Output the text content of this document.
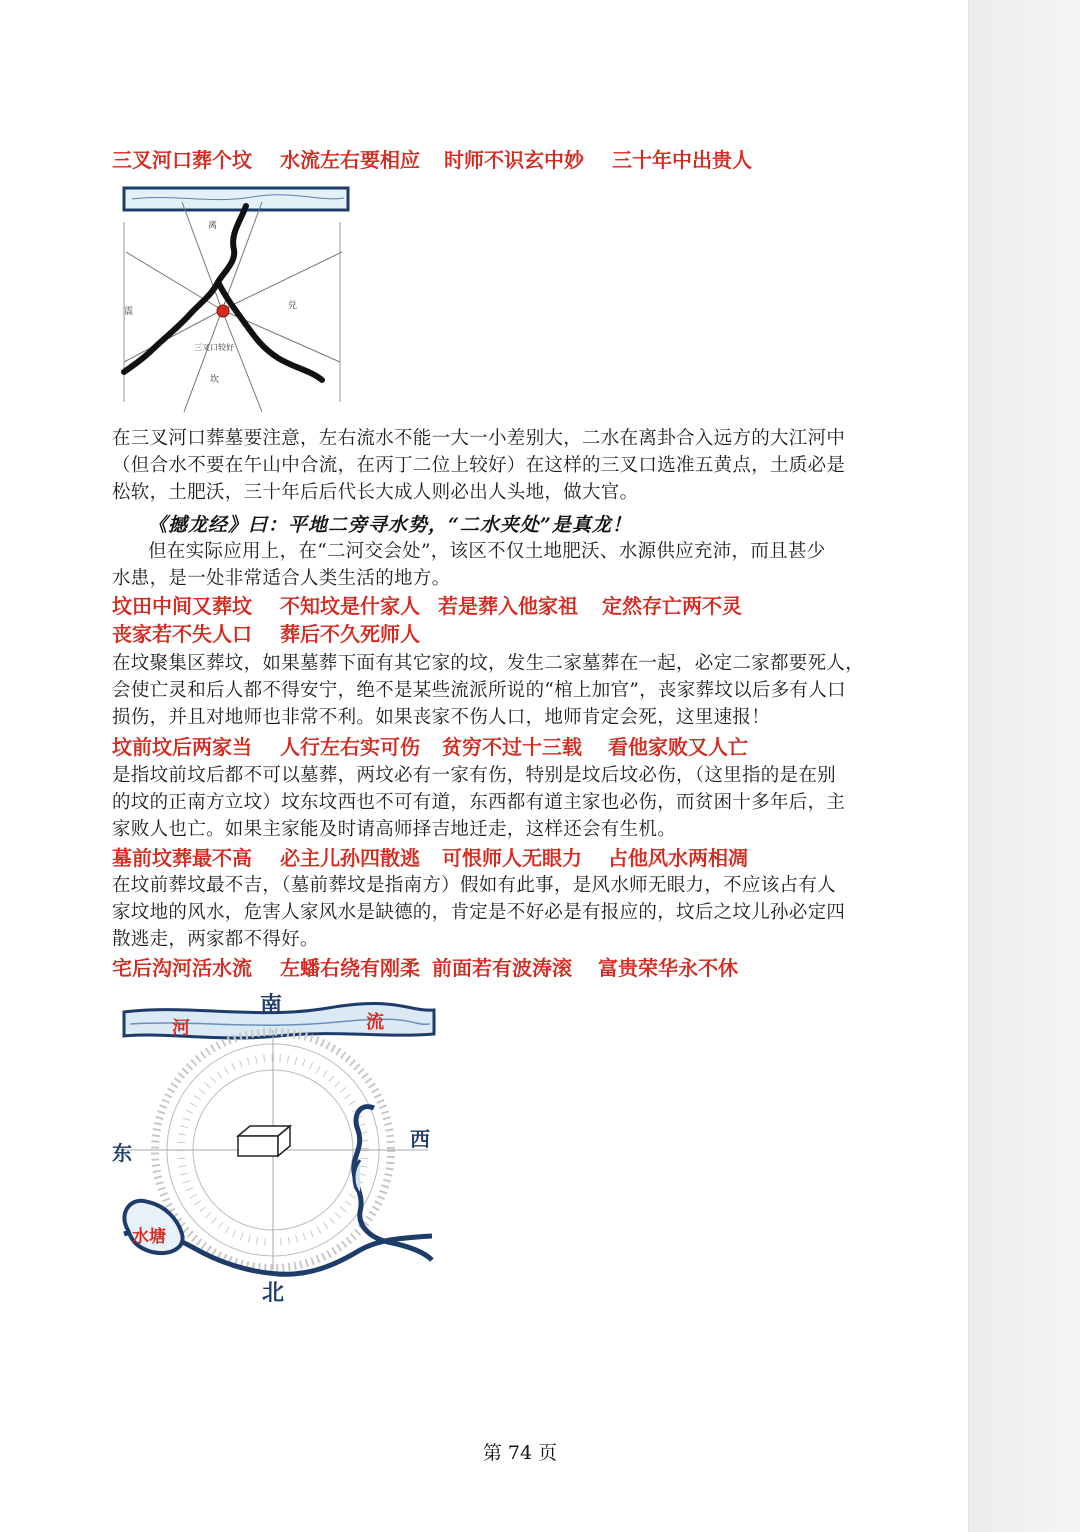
三叉河口葬个坟 水流左右要相应 时师不识玄中妙 三十年中出贵人
离
震
兑
三叉口较好
坎
在三叉河口葬墓要注意，左右流水不能一大一小差别大，二水在离卦合入远方的大江河中
（但合水不要在午山中合流，在丙丁二位上较好）在这样的三叉口选准五黄点，土质必是
松软，土肥沃，三十年后后代长大成人则必出人头地，做大官。
《撼龙经》曰：平地二旁寻水势，“二水夹处”是真龙！
但在实际应用上，在“二河交会处”，该区不仅土地肥沃、水源供应充沛，而且甚少
水患，是一处非常适合人类生活的地方。
坟田中间又葬坟 不知坟是什家人 若是葬入他家祖 定然存亡两不灵
丧家若不失人口 葬后不久死师人
在坟聚集区葬坟，如果墓葬下面有其它家的坟，发生二家墓葬在一起，必定二家都要死人，
会使亡灵和后人都不得安宁，绝不是某些流派所说的“棺上加官”，丧家葬坟以后多有人口
损伤，并且对地师也非常不利。如果丧家不伤人口，地师肯定会死，这里速报！
坟前坟后两家当 人行左右实可伤 贫穷不过十三载 看他家败又人亡
是指坟前坟后都不可以墓葬，两坟必有一家有伤，特别是坟后坟必伤，（这里指的是在别
的坟的正南方立坟）坟东坟西也不可有道，东西都有道主家也必伤，而贫困十多年后，主
家败人也亡。如果主家能及时请高师择吉地迁走，这样还会有生机。
墓前坟葬最不高 必主儿孙四散逃 可恨师人无眼力 占他风水两相凋
在坟前葬坟最不吉，（墓前葬坟是指南方）假如有此事，是风水师无眼力，不应该占有人
家坟地的风水，危害人家风水是缺德的，肯定是不好必是有报应的，坟后之坟儿孙必定四
散逃走，两家都不得好。
宅后沟河活水流 左蟠右绕有刚柔 前面若有波涛滚 富贵荣华永不休
南
东
西
北
河	流
水塘
第 74 页
